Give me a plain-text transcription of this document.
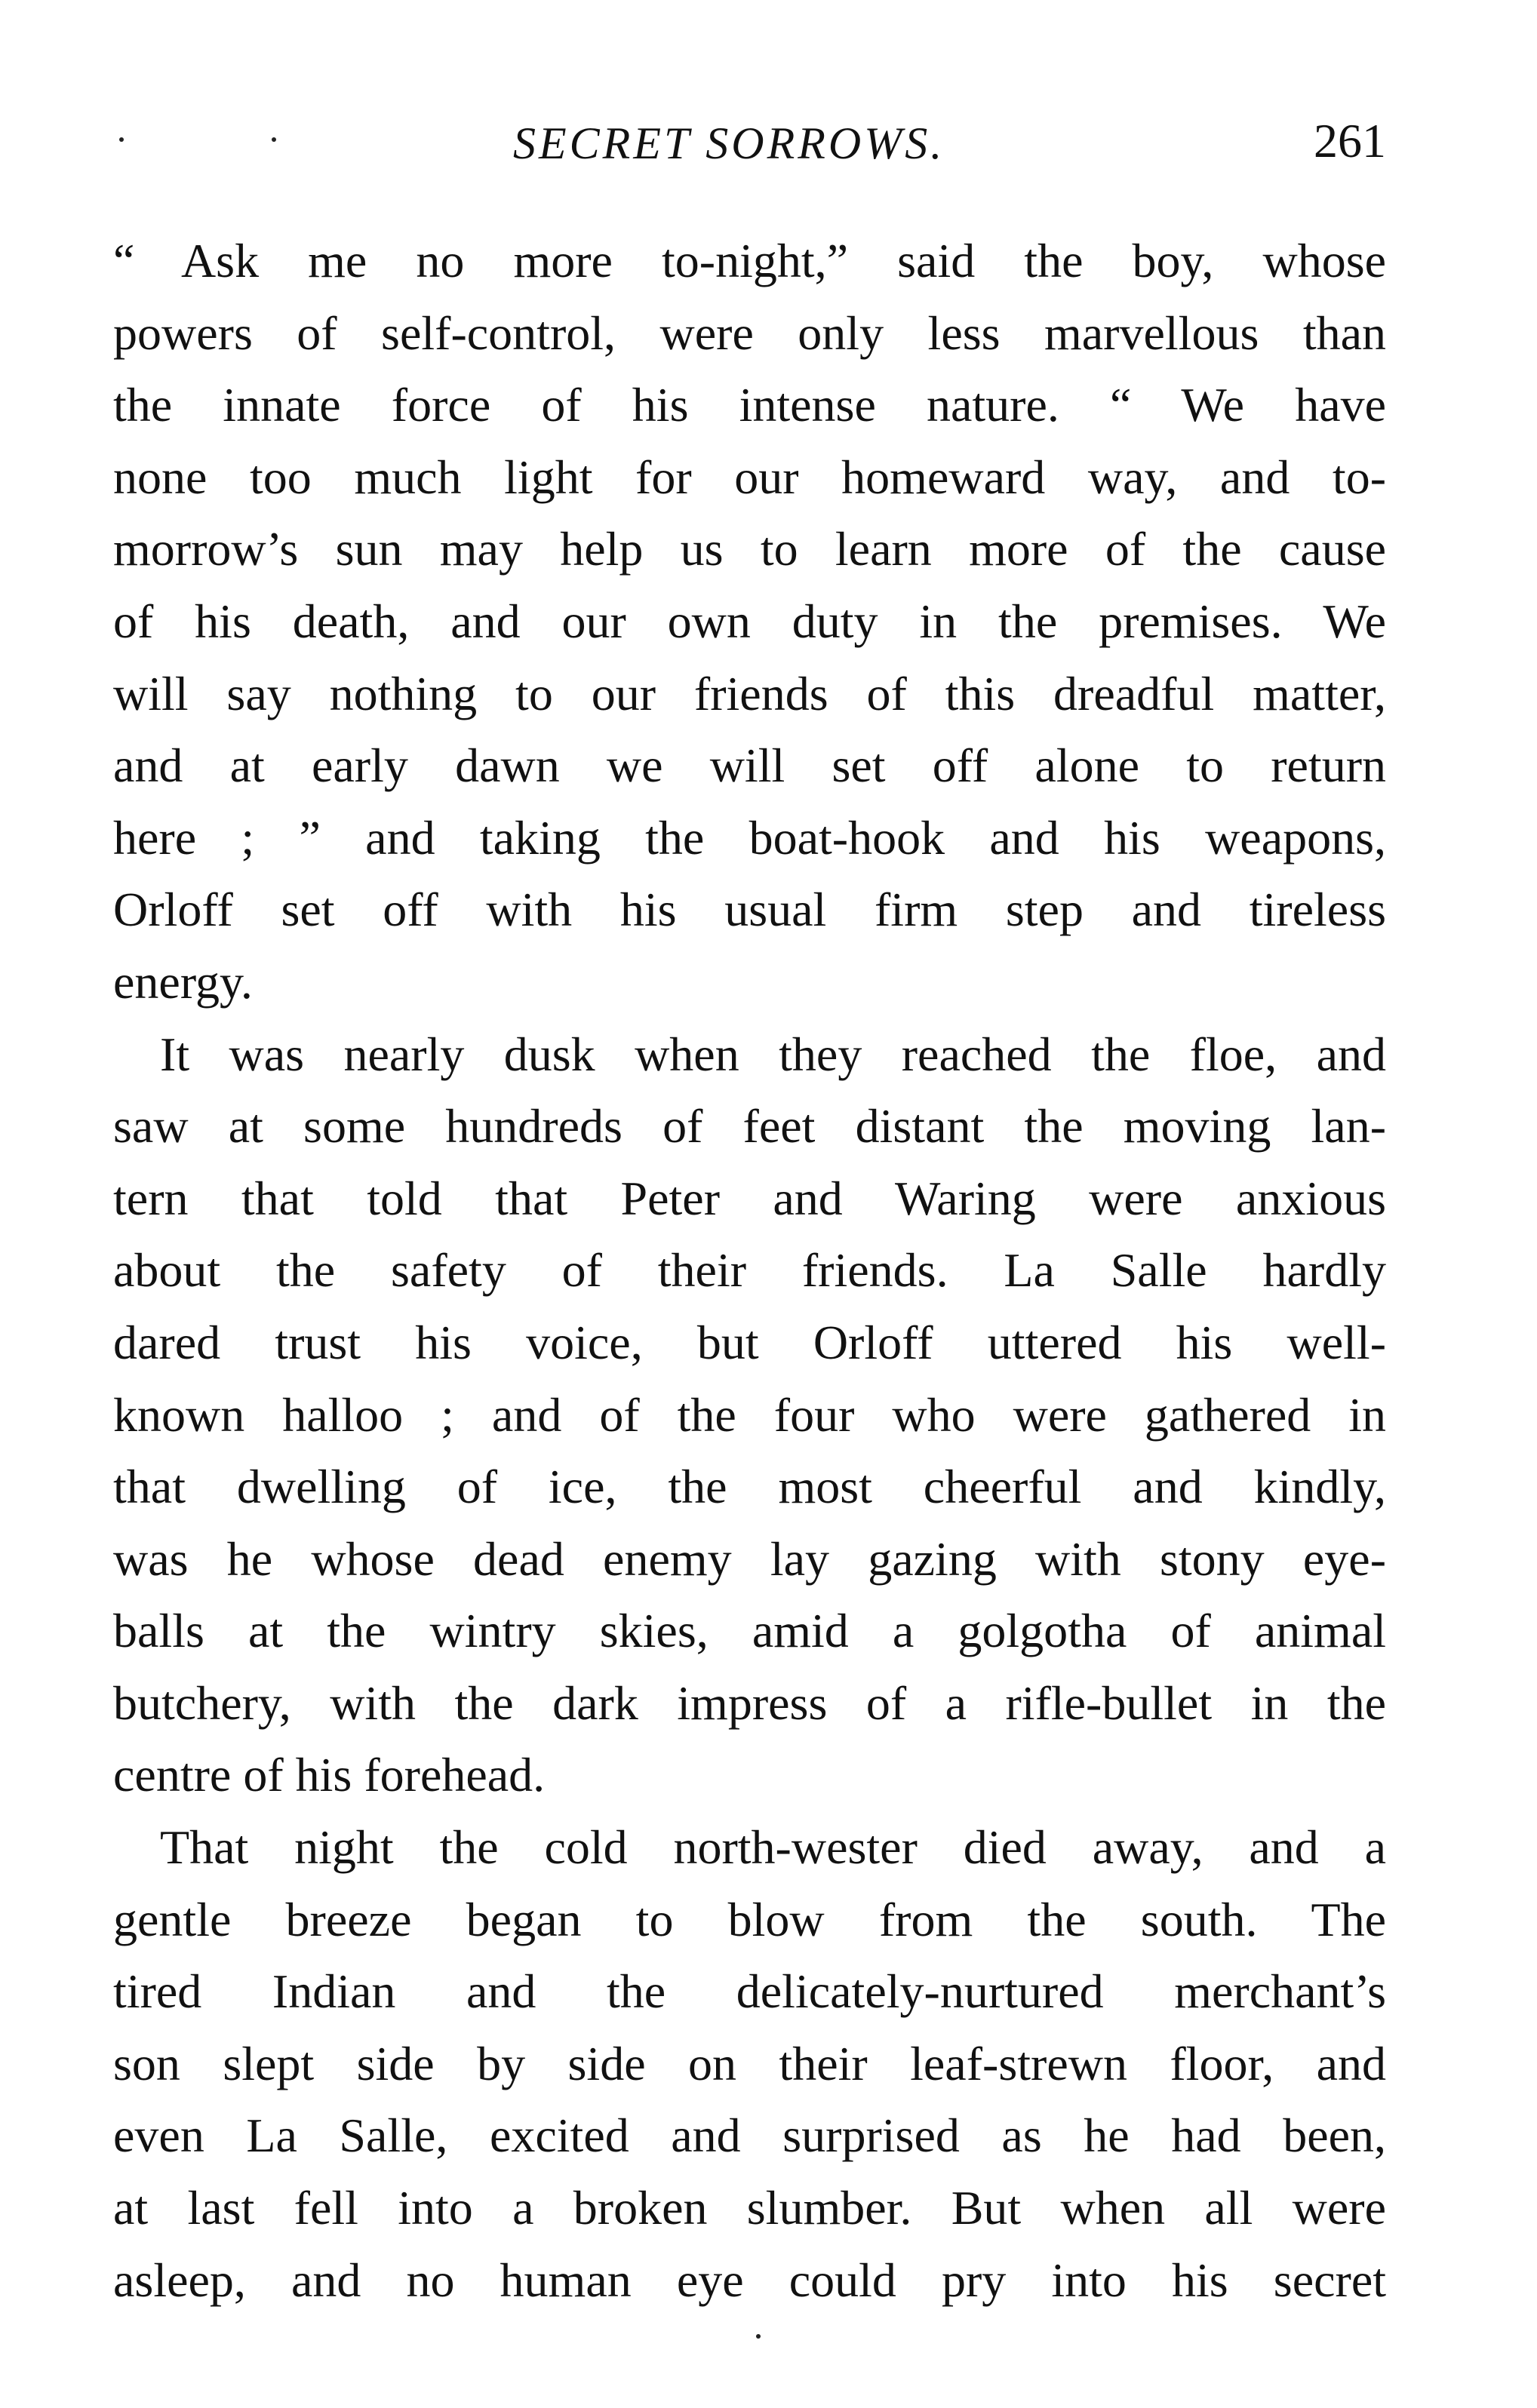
SECRET SORROWS.	261
“ Ask me no more to-night,” said the boy, whose
powers of self-control, were only less marvellous than
the innate force of his intense nature. “ We have
none too much light for our homeward way, and to-
morrow’s sun may help us to learn more of the cause
of his death, and our own duty in the premises. We
will say nothing to our friends of this dreadful matter,
and at early dawn we will set off alone to return
here ; ” and taking the boat-hook and his weapons,
Orloff set off with his usual firm step and tireless
energy.
It was nearly dusk when they reached the floe, and
saw at some hundreds of feet distant the moving lan-
tern that told that Peter and Waring were anxious
about the safety of their friends. La Salle hardly
dared trust his voice, but Orloff uttered his well-
known halloo ; and of the four who were gathered in
that dwelling of ice, the most cheerful and kindly,
was he whose dead enemy lay gazing with stony eye-
balls at the wintry skies, amid a golgotha of animal
butchery, with the dark impress of a rifle-bullet in the
centre of his forehead.
That night the cold north-wester died away, and a
gentle breeze began to blow from the south. The
tired Indian and the delicately-nurtured merchant’s
son slept side by side on their leaf-strewn floor, and
even La Salle, excited and surprised as he had been,
at last fell into a broken slumber. But when all were
asleep, and no human eye could pry into his secret
